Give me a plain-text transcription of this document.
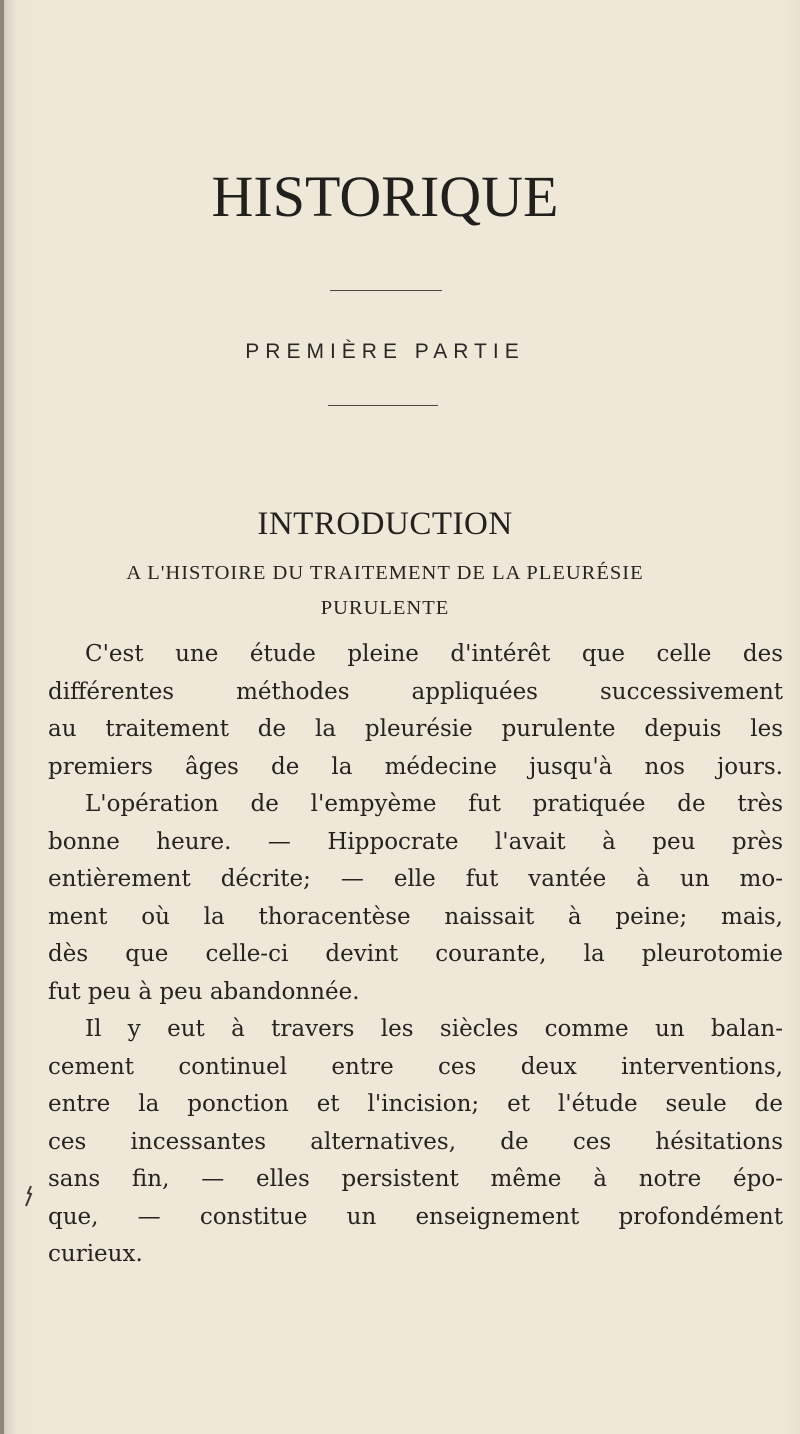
HISTORIQUE
PREMIÈRE PARTIE
INTRODUCTION
A L'HISTOIRE DU TRAITEMENT DE LA PLEURÉSIE
PURULENTE
C'est une étude pleine d'intérêt que celle des
différentes méthodes appliquées successivement
au traitement de la pleurésie purulente depuis les
premiers âges de la médecine jusqu'à nos jours.
L'opération de l'empyème fut pratiquée de très
bonne heure. — Hippocrate l'avait à peu près
entièrement décrite; — elle fut vantée à un mo-
ment où la thoracentèse naissait à peine; mais,
dès que celle-ci devint courante, la pleurotomie
fut peu à peu abandonnée.
Il y eut à travers les siècles comme un balan-
cement continuel entre ces deux interventions,
entre la ponction et l'incision; et l'étude seule de
ces incessantes alternatives, de ces hésitations
sans fin, — elles persistent même à notre épo-
que, — constitue un enseignement profondément
curieux.
